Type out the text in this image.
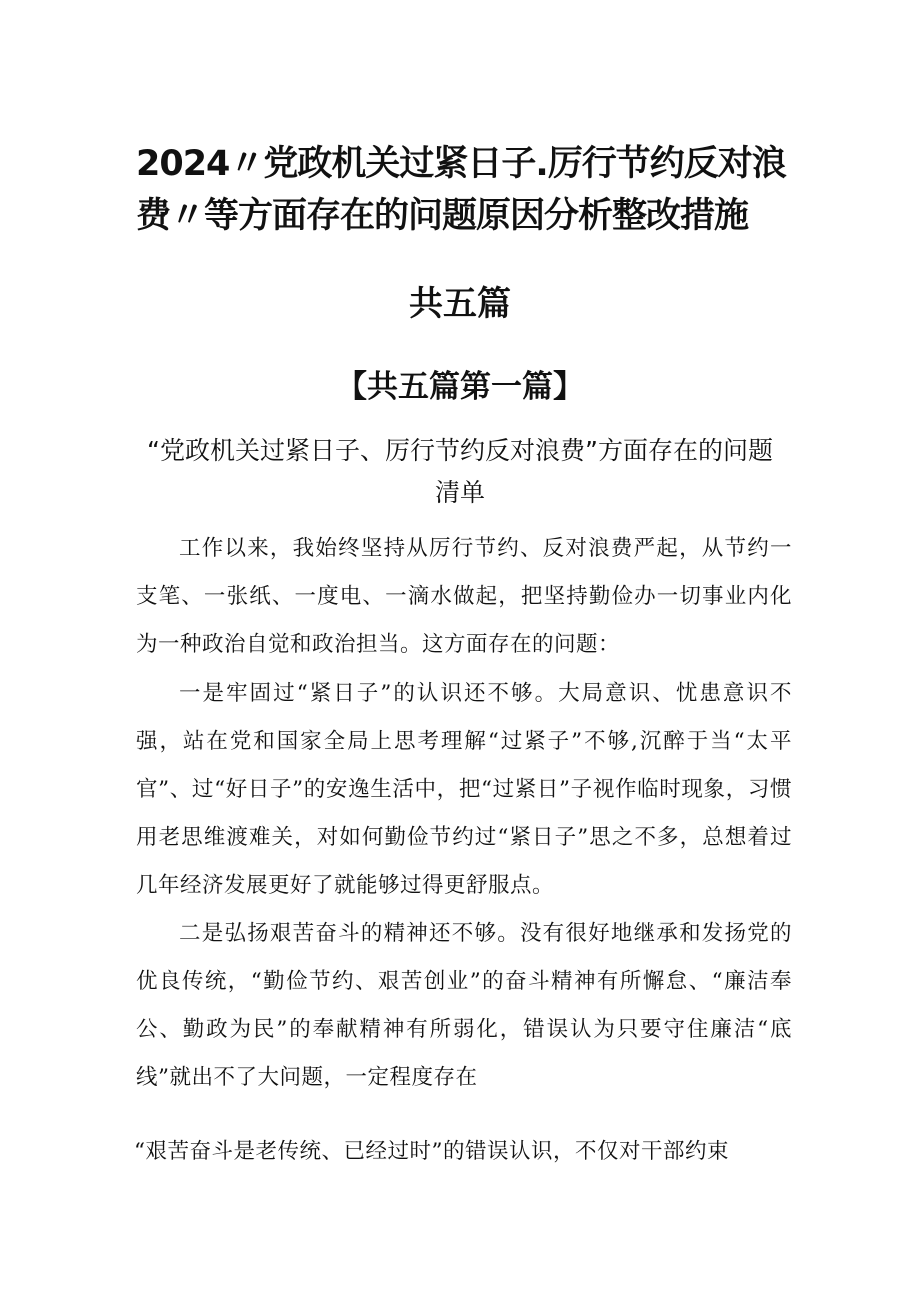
2024〃党政机关过紧日子.厉行节约反对浪费〃等方面存在的问题原因分析整改措施
共五篇
【共五篇第一篇】
“党政机关过紧日子、厉行节约反对浪费”方面存在的问题清单

工作以来，我始终坚持从厉行节约、反对浪费严起，从节约一支笔、一张纸、一度电、一滴水做起，把坚持勤俭办一切事业内化为一种政治自觉和政治担当。这方面存在的问题：

一是牢固过“紧日子”的认识还不够。大局意识、忧患意识不强，站在党和国家全局上思考理解“过紧子”不够,沉醉于当“太平官”、过“好日子”的安逸生活中，把“过紧日”子视作临时现象，习惯用老思维渡难关，对如何勤俭节约过“紧日子”思之不多，总想着过几年经济发展更好了就能够过得更舒服点。

二是弘扬艰苦奋斗的精神还不够。没有很好地继承和发扬党的优良传统，“勤俭节约、艰苦创业”的奋斗精神有所懈怠、“廉洁奉公、勤政为民”的奉献精神有所弱化，错误认为只要守住廉洁“底线”就出不了大问题，一定程度存在

“艰苦奋斗是老传统、已经过时”的错误认识，不仅对干部约束
